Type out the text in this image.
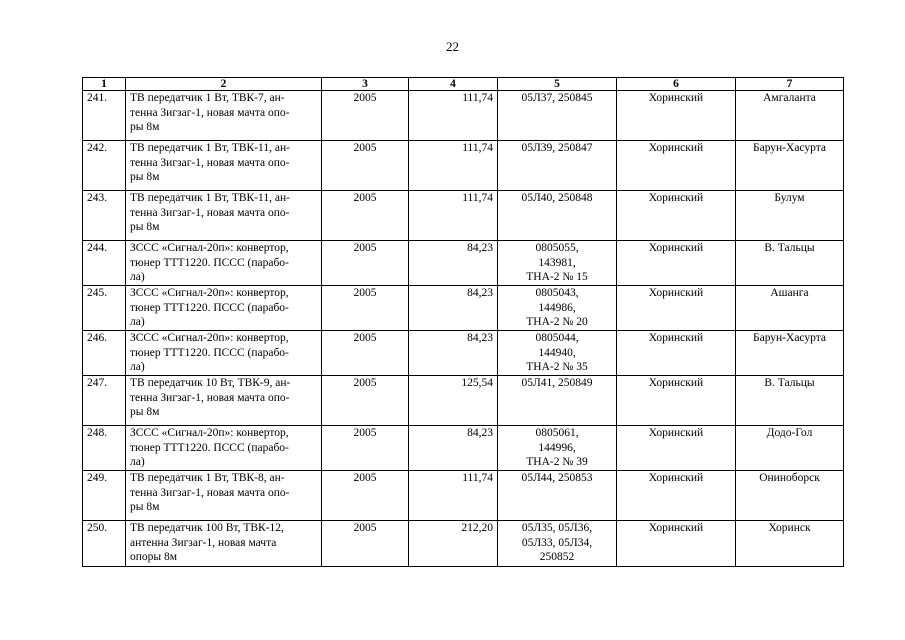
22
1	2	3	4	5	6	7
241.	ТВ передатчик 1 Вт, ТВК-7, ан-
тенна Зигзаг-1, новая мачта опо-
ры 8м	2005	111,74	05Л37, 250845	Хоринский	Амгаланта
242.	ТВ передатчик 1 Вт, ТВК-11, ан-
тенна Зигзаг-1, новая мачта опо-
ры 8м	2005	111,74	05Л39, 250847	Хоринский	Барун-Хасурта
243.	ТВ передатчик 1 Вт, ТВК-11, ан-
тенна Зигзаг-1, новая мачта опо-
ры 8м	2005	111,74	05Л40, 250848	Хоринский	Булум
244.	ЗССС «Сигнал-20п»: конвертор,
тюнер ТТТ1220. ПССС (парабо-
ла)	2005	84,23	0805055,
143981,
ТНА-2 № 15	Хоринский	В. Тальцы
245.	ЗССС «Сигнал-20п»: конвертор,
тюнер ТТТ1220. ПССС (парабо-
ла)	2005	84,23	0805043,
144986,
ТНА-2 № 20	Хоринский	Ашанга
246.	ЗССС «Сигнал-20п»: конвертор,
тюнер ТТТ1220. ПССС (парабо-
ла)	2005	84,23	0805044,
144940,
ТНА-2 № 35	Хоринский	Барун-Хасурта
247.	ТВ передатчик 10 Вт, ТВК-9, ан-
тенна Зигзаг-1, новая мачта опо-
ры 8м	2005	125,54	05Л41, 250849	Хоринский	В. Тальцы
248.	ЗССС «Сигнал-20п»: конвертор,
тюнер ТТТ1220. ПССС (парабо-
ла)	2005	84,23	0805061,
144996,
ТНА-2 № 39	Хоринский	Додо-Гол
249.	ТВ передатчик 1 Вт, ТВК-8, ан-
тенна Зигзаг-1, новая мачта опо-
ры 8м	2005	111,74	05Л44, 250853	Хоринский	Онинобoрск
250.	ТВ передатчик 100 Вт, ТВК-12,
антенна Зигзаг-1, новая мачта
опоры 8м	2005	212,20	05Л35, 05Л36,
05Л33, 05Л34,
250852	Хоринский	Хоринск
